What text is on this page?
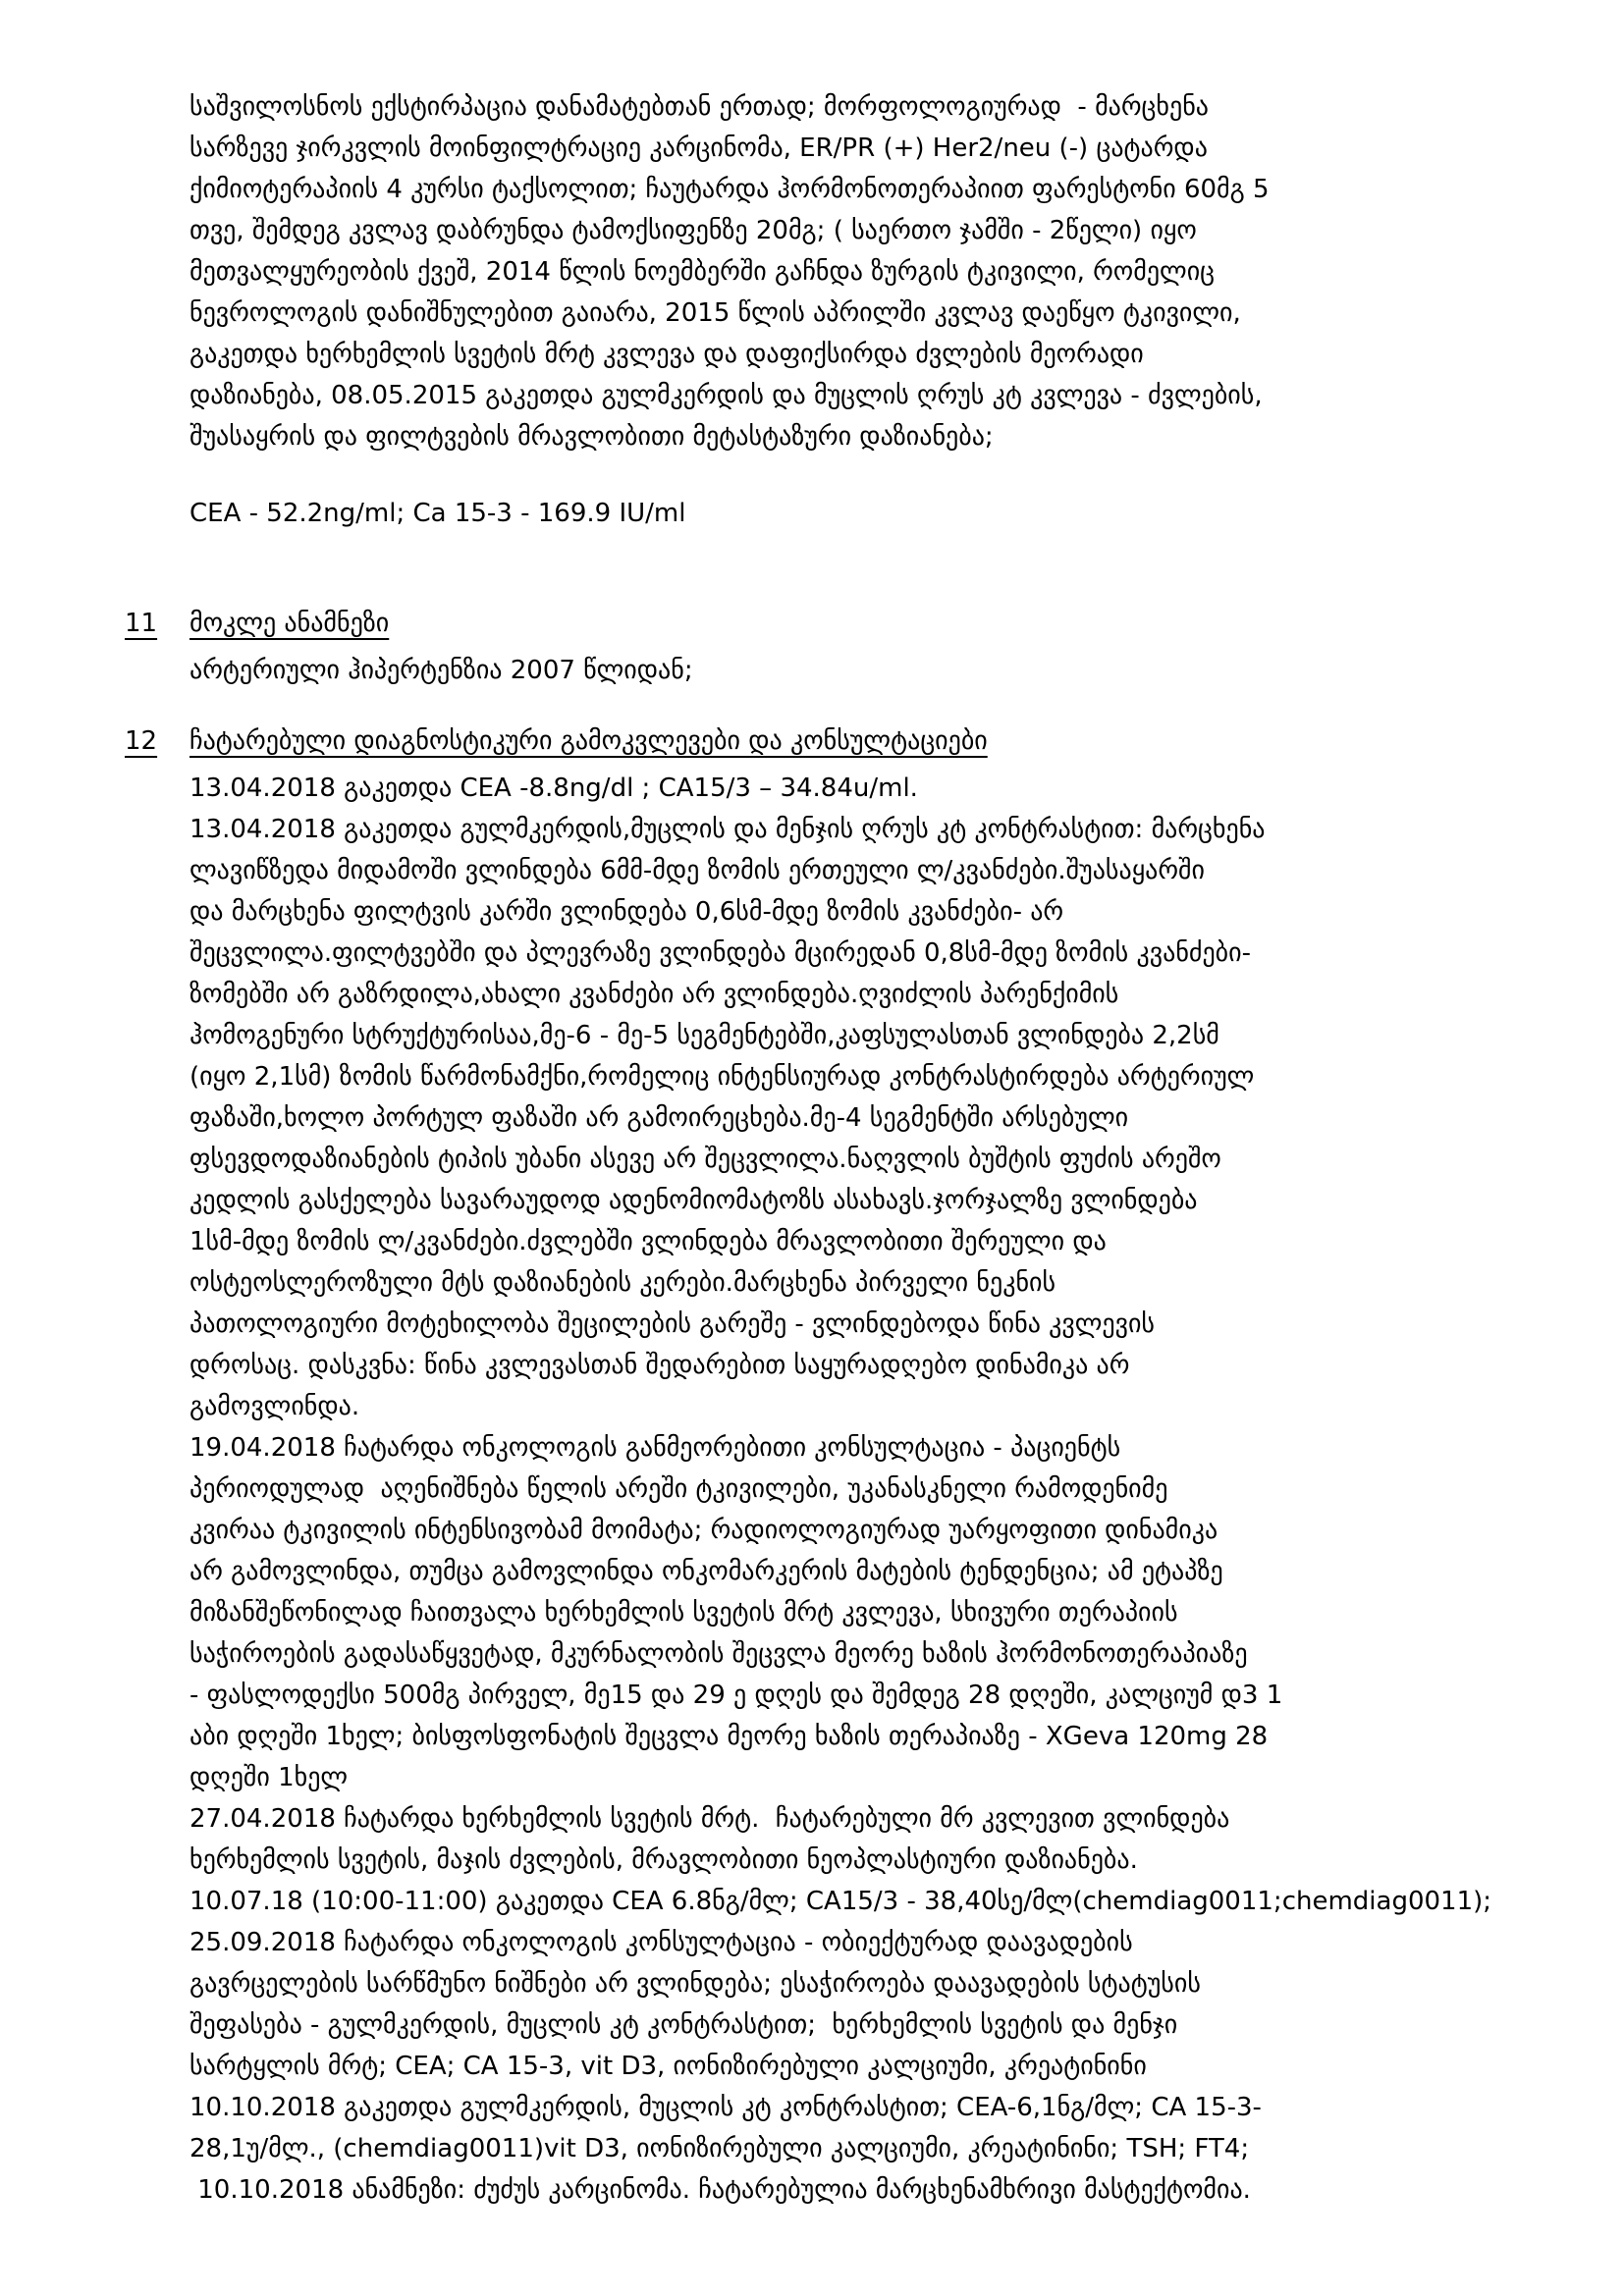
საშვილოსნოს ექსტირპაცია დანამატებთან ერთად; მორფოლოგიურად  - მარცხენა
სარზევე ჯირკვლის მოინფილტრაციე კარცინომა, ER/PR (+) Her2/neu (-) ცატარდა
ქიმიოტერაპიის 4 კურსი ტაქსოლით; ჩაუტარდა ჰორმონოთერაპიით ფარესტონი 60მგ 5
თვე, შემდეგ კვლავ დაბრუნდა ტამოქსიფენზე 20მგ; ( საერთო ჯამში - 2წელი) იყო
მეთვალყურეობის ქვეშ, 2014 წლის ნოემბერში გაჩნდა ზურგის ტკივილი, რომელიც
ნევროლოგის დანიშნულებით გაიარა, 2015 წლის აპრილში კვლავ დაეწყო ტკივილი,
გაკეთდა ხერხემლის სვეტის მრტ კვლევა და დაფიქსირდა ძვლების მეორადი
დაზიანება, 08.05.2015 გაკეთდა გულმკერდის და მუცლის ღრუს კტ კვლევა - ძვლების,
შუასაყრის და ფილტვების მრავლობითი მეტასტაზური დაზიანება;
CEA - 52.2ng/ml; Ca 15-3 - 169.9 IU/ml
11 მოკლე ანამნეზი
არტერიული ჰიპერტენზია 2007 წლიდან;
12 ჩატარებული დიაგნოსტიკური გამოკვლევები და კონსულტაციები
13.04.2018 გაკეთდა CEA -8.8ng/dl ; CA15/3 – 34.84u/ml.
13.04.2018 გაკეთდა გულმკერდის,მუცლის და მენჯის ღრუს კტ კონტრასტით: მარცხენა
ლავიწზედა მიდამოში ვლინდება 6მმ-მდე ზომის ერთეული ლ/კვანძები.შუასაყარში
და მარცხენა ფილტვის კარში ვლინდება 0,6სმ-მდე ზომის კვანძები- არ
შეცვლილა.ფილტვებში და პლევრაზე ვლინდება მცირედან 0,8სმ-მდე ზომის კვანძები-
ზომებში არ გაზრდილა,ახალი კვანძები არ ვლინდება.ღვიძლის პარენქიმის
ჰომოგენური სტრუქტურისაა,მე-6 - მე-5 სეგმენტებში,კაფსულასთან ვლინდება 2,2სმ
(იყო 2,1სმ) ზომის წარმონამქნი,რომელიც ინტენსიურად კონტრასტირდება არტერიულ
ფაზაში,ხოლო პორტულ ფაზაში არ გამოირეცხება.მე-4 სეგმენტში არსებული
ფსევდოდაზიანების ტიპის უბანი ასევე არ შეცვლილა.ნაღვლის ბუშტის ფუძის არეშო
კედლის გასქელება სავარაუდოდ ადენომიომატოზს ასახავს.ჯორჯალზე ვლინდება
1სმ-მდე ზომის ლ/კვანძები.ძვლებში ვლინდება მრავლობითი შერეული და
ოსტეოსლეროზული მტს დაზიანების კერები.მარცხენა პირველი ნეკნის
პათოლოგიური მოტეხილობა შეცილების გარეშე - ვლინდებოდა წინა კვლევის
დროსაც. დასკვნა: წინა კვლევასთან შედარებით საყურადღებო დინამიკა არ
გამოვლინდა.
19.04.2018 ჩატარდა ონკოლოგის განმეორებითი კონსულტაცია - პაციენტს
პერიოდულად  აღენიშნება წელის არეში ტკივილები, უკანასკნელი რამოდენიმე
კვირაა ტკივილის ინტენსივობამ მოიმატა; რადიოლოგიურად უარყოფითი დინამიკა
არ გამოვლინდა, თუმცა გამოვლინდა ონკომარკერის მატების ტენდენცია; ამ ეტაპზე
მიზანშეწონილად ჩაითვალა ხერხემლის სვეტის მრტ კვლევა, სხივური თერაპიის
საჭიროების გადასაწყვეტად, მკურნალობის შეცვლა მეორე ხაზის ჰორმონოთერაპიაზე
- ფასლოდექსი 500მგ პირველ, მე15 და 29 ე დღეს და შემდეგ 28 დღეში, კალციუმ დ3 1
აბი დღეში 1ხელ; ბისფოსფონატის შეცვლა მეორე ხაზის თერაპიაზე - XGeva 120mg 28
დღეში 1ხელ
27.04.2018 ჩატარდა ხერხემლის სვეტის მრტ.  ჩატარებული მრ კვლევით ვლინდება
ხერხემლის სვეტის, მაჯის ძვლების, მრავლობითი ნეოპლასტიური დაზიანება.
10.07.18 (10:00-11:00) გაკეთდა CEA 6.8ნგ/მლ; CA15/3 - 38,40სე/მლ(chemdiag0011;chemdiag0011);
25.09.2018 ჩატარდა ონკოლოგის კონსულტაცია - ობიექტურად დაავადების
გავრცელების სარწმუნო ნიშნები არ ვლინდება; ესაჭიროება დაავადების სტატუსის
შეფასება - გულმკერდის, მუცლის კტ კონტრასტით;  ხერხემლის სვეტის და მენჯი
სარტყლის მრტ; CEA; CA 15-3, vit D3, იონიზირებული კალციუმი, კრეატინინი
10.10.2018 გაკეთდა გულმკერდის, მუცლის კტ კონტრასტით; CEA-6,1ნგ/მლ; CA 15-3-
28,1უ/მლ., (chemdiag0011)vit D3, იონიზირებული კალციუმი, კრეატინინი; TSH; FT4;
10.10.2018 ანამნეზი: ძუძუს კარცინომა. ჩატარებულია მარცხენამხრივი მასტექტომია.
